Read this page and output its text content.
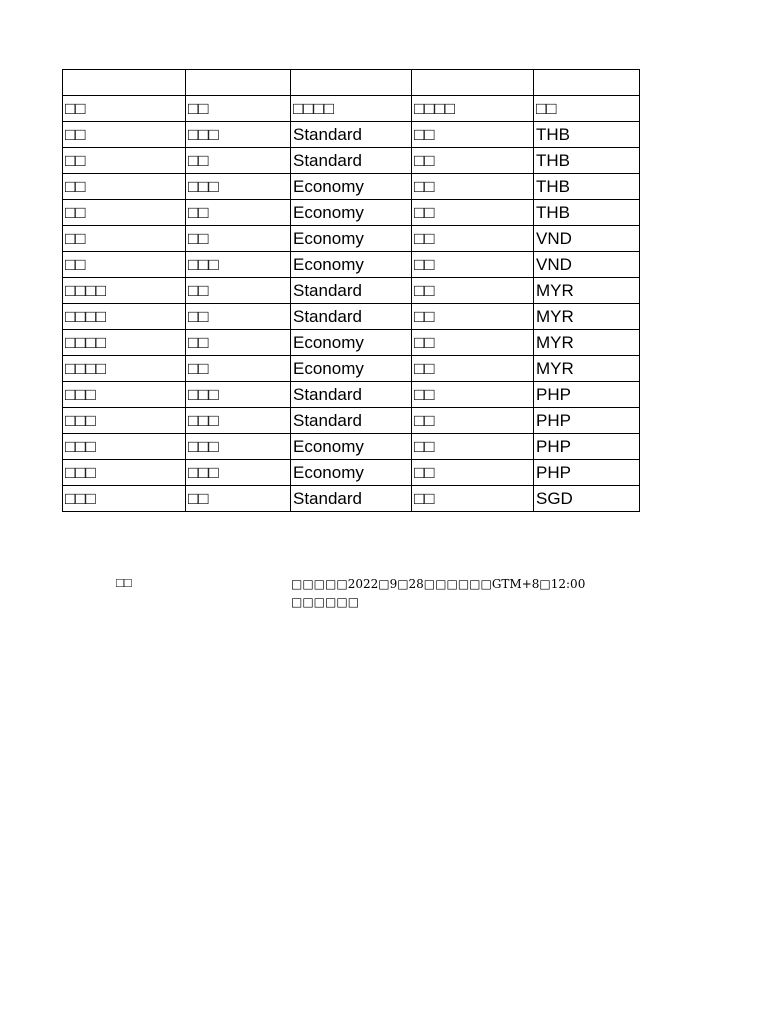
□□	□□	□□□□	□□□□	□□
□□	□□□	Standard	□□	THB
□□	□□	Standard	□□	THB
□□	□□□	Economy	□□	THB
□□	□□	Economy	□□	THB
□□	□□	Economy	□□	VND
□□	□□□	Economy	□□	VND
□□□□	□□	Standard	□□	MYR
□□□□	□□	Standard	□□	MYR
□□□□	□□	Economy	□□	MYR
□□□□	□□	Economy	□□	MYR
□□□	□□□	Standard	□□	PHP
□□□	□□□	Standard	□□	PHP
□□□	□□□	Economy	□□	PHP
□□□	□□□	Economy	□□	PHP
□□□	□□	Standard	□□	SGD
□□	□□□□□2022□9□28□□□□□□GTM+8□12:00
□□□□□□
